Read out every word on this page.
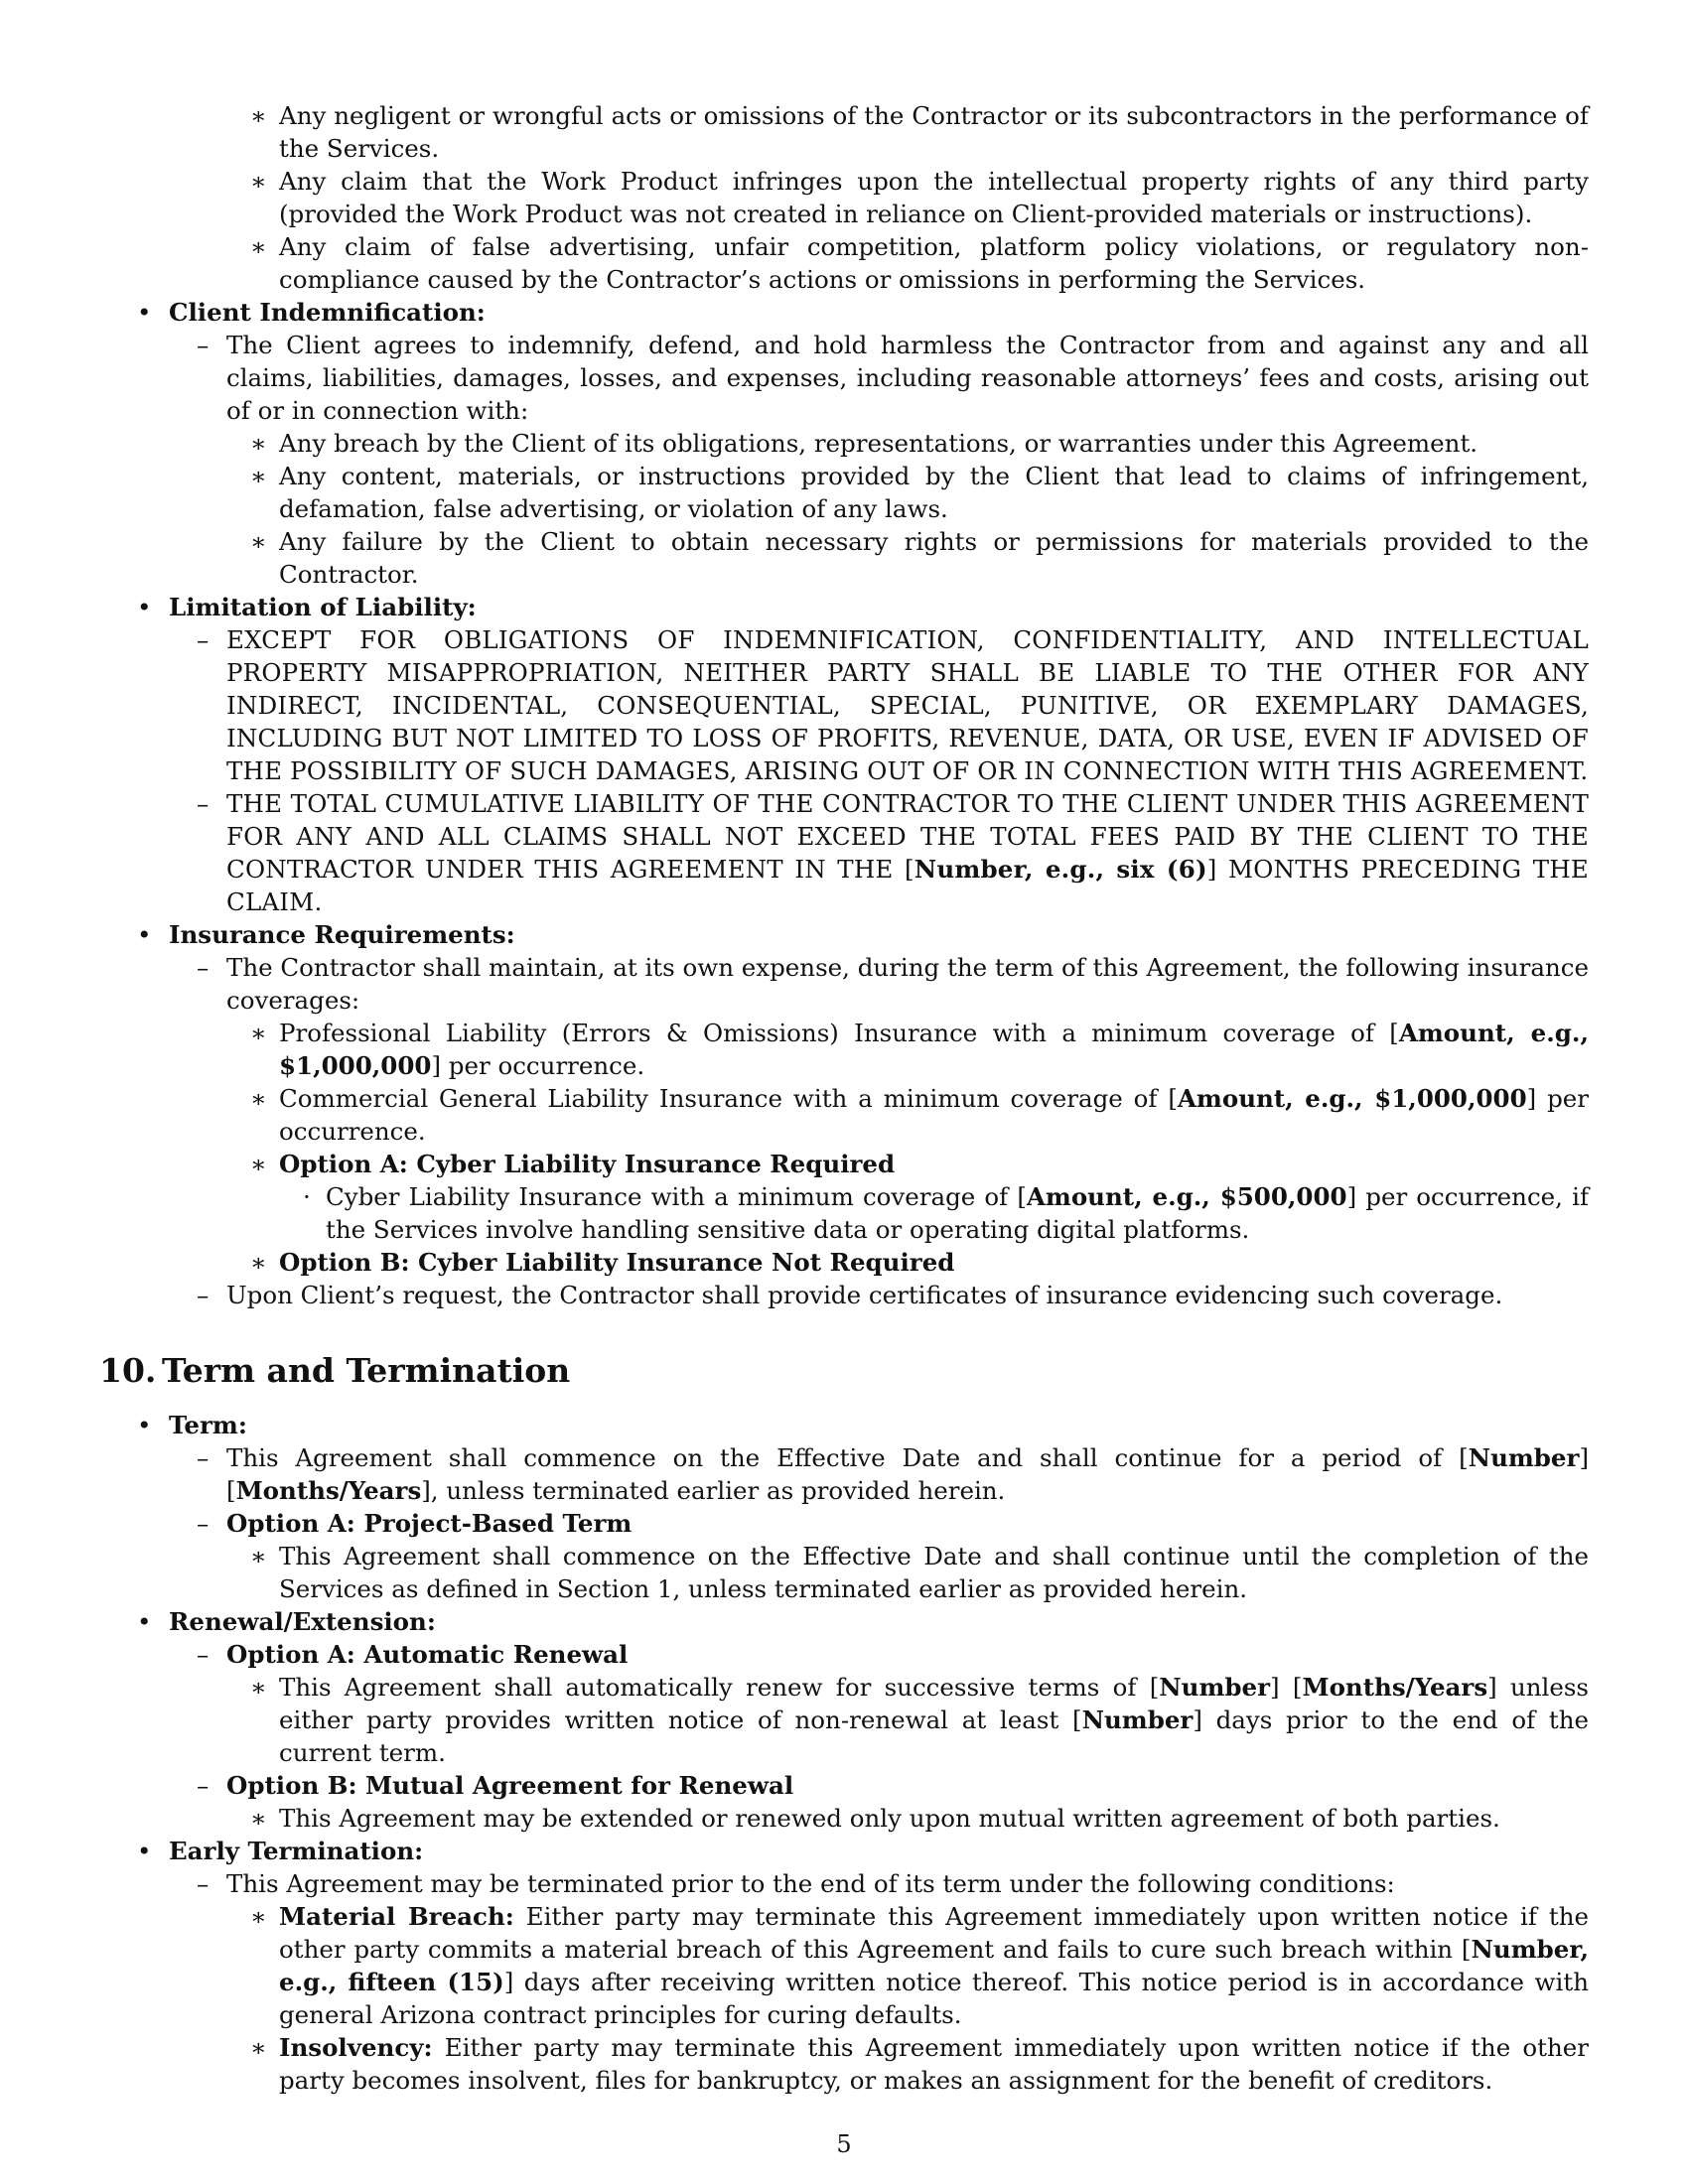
∗ Any negligent or wrongful acts or omissions of the Contractor or its subcontractors in the performance of the Services.
∗ Any claim that the Work Product infringes upon the intellectual property rights of any third party (provided the Work Product was not created in reliance on Client-provided materials or instructions).
∗ Any claim of false advertising, unfair competition, platform policy violations, or regulatory non-compliance caused by the Contractor’s actions or omissions in performing the Services.
• Client Indemnification:
– The Client agrees to indemnify, defend, and hold harmless the Contractor from and against any and all claims, liabilities, damages, losses, and expenses, including reasonable attorneys’ fees and costs, arising out of or in connection with:
∗ Any breach by the Client of its obligations, representations, or warranties under this Agreement.
∗ Any content, materials, or instructions provided by the Client that lead to claims of infringement, defamation, false advertising, or violation of any laws.
∗ Any failure by the Client to obtain necessary rights or permissions for materials provided to the Contractor.
• Limitation of Liability:
– EXCEPT FOR OBLIGATIONS OF INDEMNIFICATION, CONFIDENTIALITY, AND INTELLECTUAL PROPERTY MISAPPROPRIATION, NEITHER PARTY SHALL BE LIABLE TO THE OTHER FOR ANY INDIRECT, INCIDENTAL, CONSEQUENTIAL, SPECIAL, PUNITIVE, OR EXEMPLARY DAMAGES, INCLUDING BUT NOT LIMITED TO LOSS OF PROFITS, REVENUE, DATA, OR USE, EVEN IF ADVISED OF THE POSSIBILITY OF SUCH DAMAGES, ARISING OUT OF OR IN CONNECTION WITH THIS AGREEMENT.
– THE TOTAL CUMULATIVE LIABILITY OF THE CONTRACTOR TO THE CLIENT UNDER THIS AGREEMENT FOR ANY AND ALL CLAIMS SHALL NOT EXCEED THE TOTAL FEES PAID BY THE CLIENT TO THE CONTRACTOR UNDER THIS AGREEMENT IN THE [Number, e.g., six (6)] MONTHS PRECEDING THE CLAIM.
• Insurance Requirements:
– The Contractor shall maintain, at its own expense, during the term of this Agreement, the following insurance coverages:
∗ Professional Liability (Errors & Omissions) Insurance with a minimum coverage of [Amount, e.g., $1,000,000] per occurrence.
∗ Commercial General Liability Insurance with a minimum coverage of [Amount, e.g., $1,000,000] per occurrence.
∗ Option A: Cyber Liability Insurance Required
· Cyber Liability Insurance with a minimum coverage of [Amount, e.g., $500,000] per occurrence, if the Services involve handling sensitive data or operating digital platforms.
∗ Option B: Cyber Liability Insurance Not Required
– Upon Client’s request, the Contractor shall provide certificates of insurance evidencing such coverage.
10. Term and Termination
• Term:
– This Agreement shall commence on the Effective Date and shall continue for a period of [Number] [Months/Years], unless terminated earlier as provided herein.
– Option A: Project-Based Term
∗ This Agreement shall commence on the Effective Date and shall continue until the completion of the Services as defined in Section 1, unless terminated earlier as provided herein.
• Renewal/Extension:
– Option A: Automatic Renewal
∗ This Agreement shall automatically renew for successive terms of [Number] [Months/Years] unless either party provides written notice of non-renewal at least [Number] days prior to the end of the current term.
– Option B: Mutual Agreement for Renewal
∗ This Agreement may be extended or renewed only upon mutual written agreement of both parties.
• Early Termination:
– This Agreement may be terminated prior to the end of its term under the following conditions:
∗ Material Breach: Either party may terminate this Agreement immediately upon written notice if the other party commits a material breach of this Agreement and fails to cure such breach within [Number, e.g., fifteen (15)] days after receiving written notice thereof. This notice period is in accordance with general Arizona contract principles for curing defaults.
∗ Insolvency: Either party may terminate this Agreement immediately upon written notice if the other party becomes insolvent, files for bankruptcy, or makes an assignment for the benefit of creditors.
5
